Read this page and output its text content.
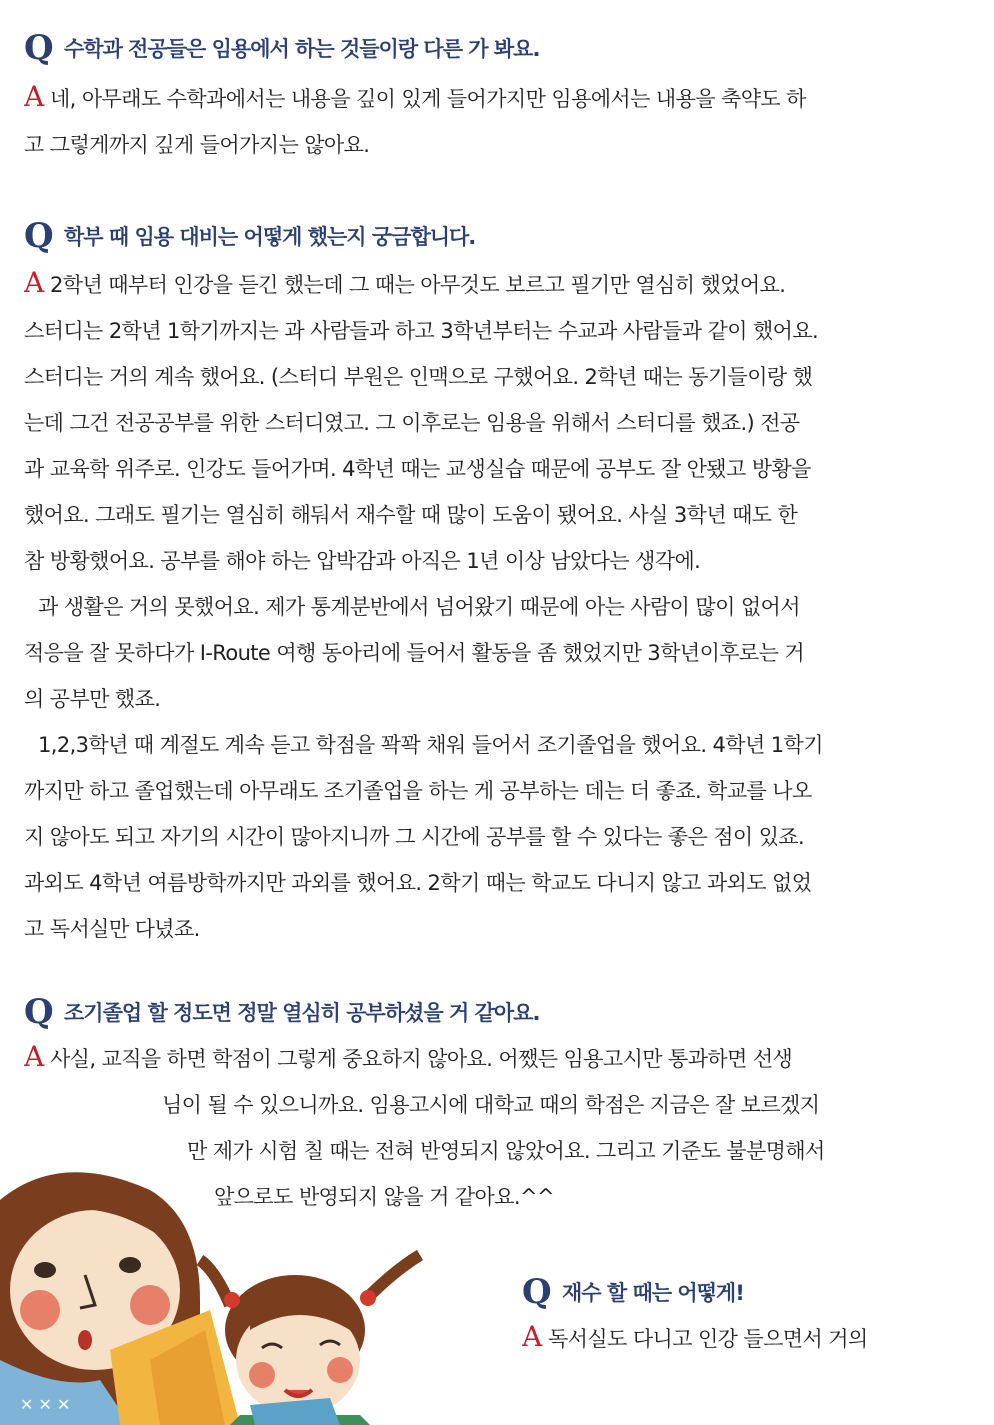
Q 수학과 전공들은 임용에서 하는 것들이랑 다른 가 봐요.

A 네, 아무래도 수학과에서는 내용을 깊이 있게 들어가지만 임용에서는 내용을 축약도 하

고 그렇게까지 깊게 들어가지는 않아요.

Q 학부 때 임용 대비는 어떻게 했는지 궁금합니다.

A 2학년 때부터 인강을 듣긴 했는데 그 때는 아무것도 보르고 필기만 열심히 했었어요.

스터디는 2학년 1학기까지는 과 사람들과 하고 3학년부터는 수교과 사람들과 같이 했어요.

스터디는 거의 계속 했어요. (스터디 부원은 인맥으로 구했어요. 2학년 때는 동기들이랑 했

는데 그건 전공공부를 위한 스터디였고. 그 이후로는 임용을 위해서 스터디를 했죠.) 전공

과 교육학 위주로. 인강도 들어가며. 4학년 때는 교생실습 때문에 공부도 잘 안됐고 방황을

했어요. 그래도 필기는 열심히 해둬서 재수할 때 많이 도움이 됐어요. 사실 3학년 때도 한

참 방황했어요. 공부를 해야 하는 압박감과 아직은 1년 이상 남았다는 생각에.

과 생활은 거의 못했어요. 제가 통계분반에서 넘어왔기 때문에 아는 사람이 많이 없어서

적응을 잘 못하다가 I-Route 여행 동아리에 들어서 활동을 좀 했었지만 3학년이후로는 거

의 공부만 했죠.

1,2,3학년 때 계절도 계속 듣고 학점을 꽉꽉 채워 들어서 조기졸업을 했어요. 4학년 1학기

까지만 하고 졸업했는데 아무래도 조기졸업을 하는 게 공부하는 데는 더 좋죠. 학교를 나오

지 않아도 되고 자기의 시간이 많아지니까 그 시간에 공부를 할 수 있다는 좋은 점이 있죠.

과외도 4학년 여름방학까지만 과외를 했어요. 2학기 때는 학교도 다니지 않고 과외도 없었

고 독서실만 다녔죠.

Q 조기졸업 할 정도면 정말 열심히 공부하셨을 거 같아요.

A 사실, 교직을 하면 학점이 그렇게 중요하지 않아요. 어쨌든 임용고시만 통과하면 선생

님이 될 수 있으니까요. 임용고시에 대학교 때의 학점은 지금은 잘 보르겠지

만 제가 시험 칠 때는 전혀 반영되지 않았어요. 그리고 기준도 불분명해서

앞으로도 반영되지 않을 거 같아요.^^

Q 재수 할 때는 어떻게!

A 독서실도 다니고 인강 들으면서 거의

✕ ✕ ✕
